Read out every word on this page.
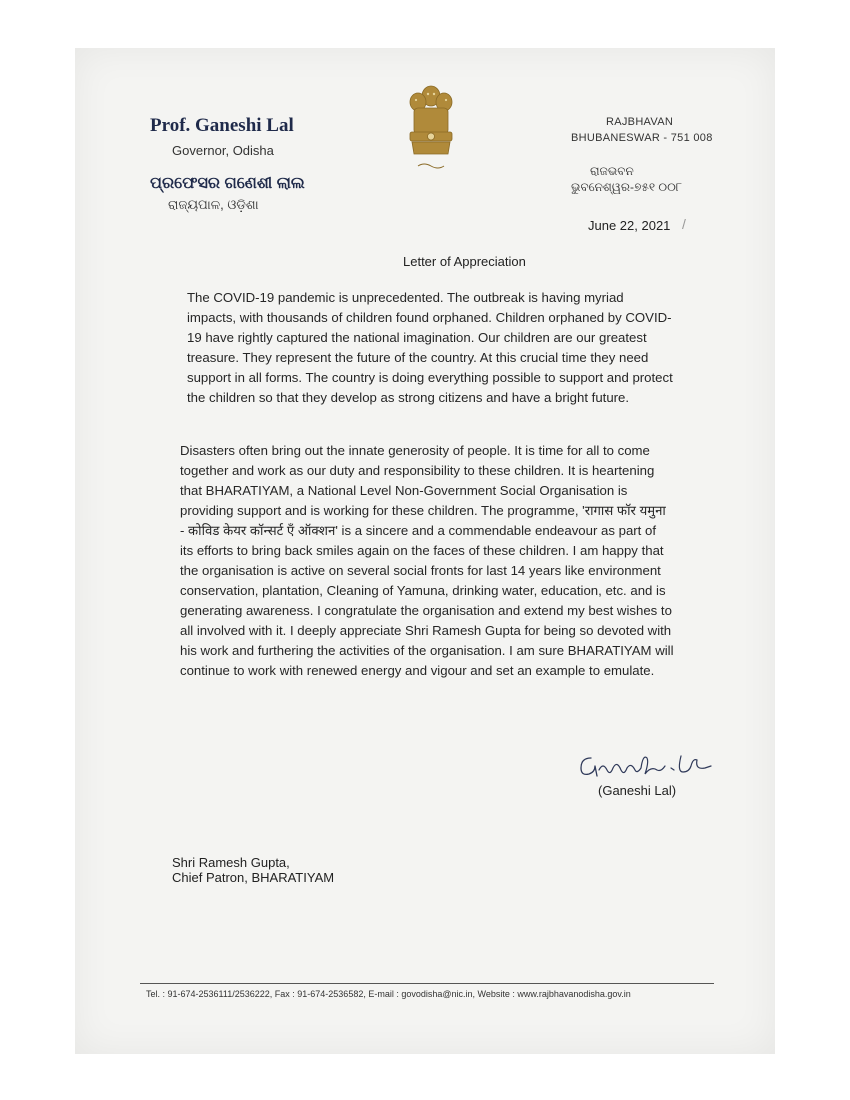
Prof. Ganeshi Lal
Governor, Odisha
ପ୍ରଫେସର ଗଣେଶୀ ଲାଲ
ରାଜ୍ୟପାଳ, ଓଡ଼ିଶା
RAJBHAVAN
BHUBANESWAR - 751 008
ରାଜଭବନ
ଭୁବନେଶ୍ୱର-୭୫୧ ୦୦୮
June 22, 2021 /
Letter of Appreciation
The COVID-19 pandemic is unprecedented. The outbreak is having myriad
impacts, with thousands of children found orphaned. Children orphaned by COVID-
19 have rightly captured the national imagination. Our children are our greatest
treasure. They represent the future of the country. At this crucial time they need
support in all forms. The country is doing everything possible to support and protect
the children so that they develop as strong citizens and have a bright future.
Disasters often bring out the innate generosity of people. It is time for all to come
together and work as our duty and responsibility to these children. It is heartening
that BHARATIYAM, a National Level Non-Government Social Organisation is
providing support and is working for these children. The programme, 'रागास फॉर यमुना
- कोविड केयर कॉन्सर्ट एँ ऑक्शन' is a sincere and a commendable endeavour as part of
its efforts to bring back smiles again on the faces of these children. I am happy that
the organisation is active on several social fronts for last 14 years like environment
conservation, plantation, Cleaning of Yamuna, drinking water, education, etc. and is
generating awareness. I congratulate the organisation and extend my best wishes to
all involved with it. I deeply appreciate Shri Ramesh Gupta for being so devoted with
his work and furthering the activities of the organisation. I am sure BHARATIYAM will
continue to work with renewed energy and vigour and set an example to emulate.
(Ganeshi Lal)
Shri Ramesh Gupta,
Chief Patron, BHARATIYAM
Tel. : 91-674-2536111/2536222, Fax : 91-674-2536582, E-mail : govodisha@nic.in, Website : www.rajbhavanodisha.gov.in
